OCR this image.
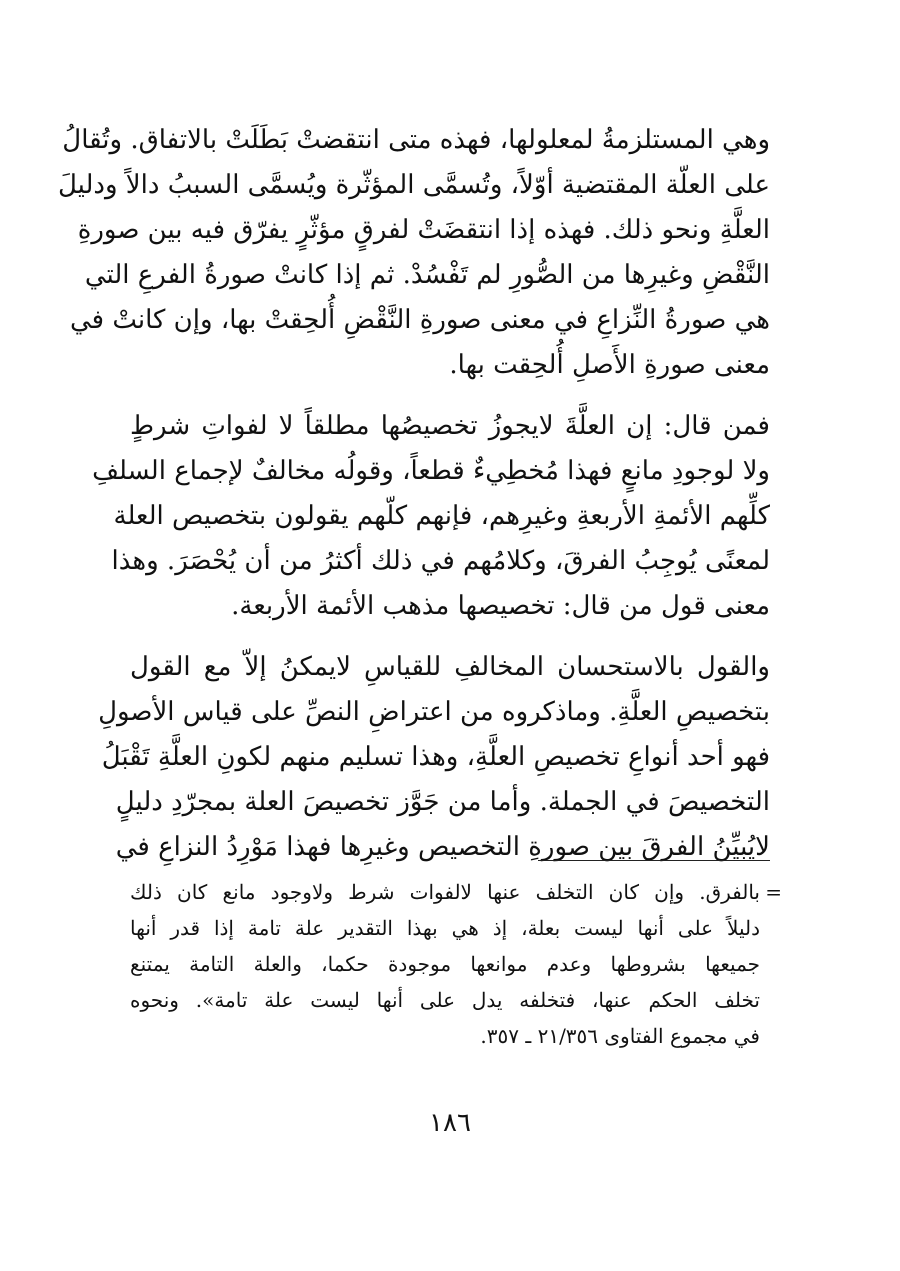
وهي المستلزمةُ لمعلولها، فهذه متى انتقضتْ بَطَلَتْ بالاتفاق. وتُقالُ
على العلّة المقتضية أوّلاً، وتُسمَّى المؤثّرة ويُسمَّى السببُ دالاً ودليلَ
العلَّةِ ونحو ذلك. فهذه إذا انتقضَتْ لفرقٍ مؤثّرٍ يفرّق فيه بين صورةِ
النَّقْضِ وغيرِها من الصُّورِ لم تَفْسُدْ. ثم إذا كانتْ صورةُ الفرعِ التي
هي صورةُ النِّزاعِ في معنى صورةِ النَّقْضِ أُلحِقتْ بها، وإن كانتْ في
معنى صورةِ الأَصلِ أُلحِقت بها.
فمن قال: إن العلَّةَ لايجوزُ تخصيصُها مطلقاً لا لفواتِ شرطٍ
ولا لوجودِ مانعٍ فهذا مُخطِيءٌ قطعاً، وقولُه مخالفٌ لإجماع السلفِ
كلِّهم الأئمةِ الأربعةِ وغيرِهم، فإنهم كلّهم يقولون بتخصيص العلة
لمعنًى يُوجِبُ الفرقَ، وكلامُهم في ذلك أكثرُ من أن يُحْصَرَ. وهذا
معنى قول من قال: تخصيصها مذهب الأئمة الأربعة.
والقول بالاستحسان المخالفِ للقياسِ لايمكنُ إلاّ مع القول
بتخصيصِ العلَّةِ. وماذكروه من اعتراضِ النصِّ على قياس الأصولِ
فهو أحد أنواعِ تخصيصِ العلَّةِ، وهذا تسليم منهم لكونِ العلَّةِ تَقْبَلُ
التخصيصَ في الجملة. وأما من جَوَّز تخصيصَ العلة بمجرّدِ دليلٍ
لايُبيِّنُ الفرقَ بين صورةِ التخصيص وغيرِها فهذا مَوْرِدُ النزاعِ في
=
بالفرق. وإن كان التخلف عنها لالفوات شرط ولاوجود مانع كان ذلك
دليلاً على أنها ليست بعلة، إذ هي بهذا التقدير علة تامة إذا قدر أنها
جميعها بشروطها وعدم موانعها موجودة حكما، والعلة التامة يمتنع
تخلف الحكم عنها، فتخلفه يدل على أنها ليست علة تامة». ونحوه
في مجموع الفتاوى ٢١/٣٥٦ ـ ٣٥٧.
١٨٦
